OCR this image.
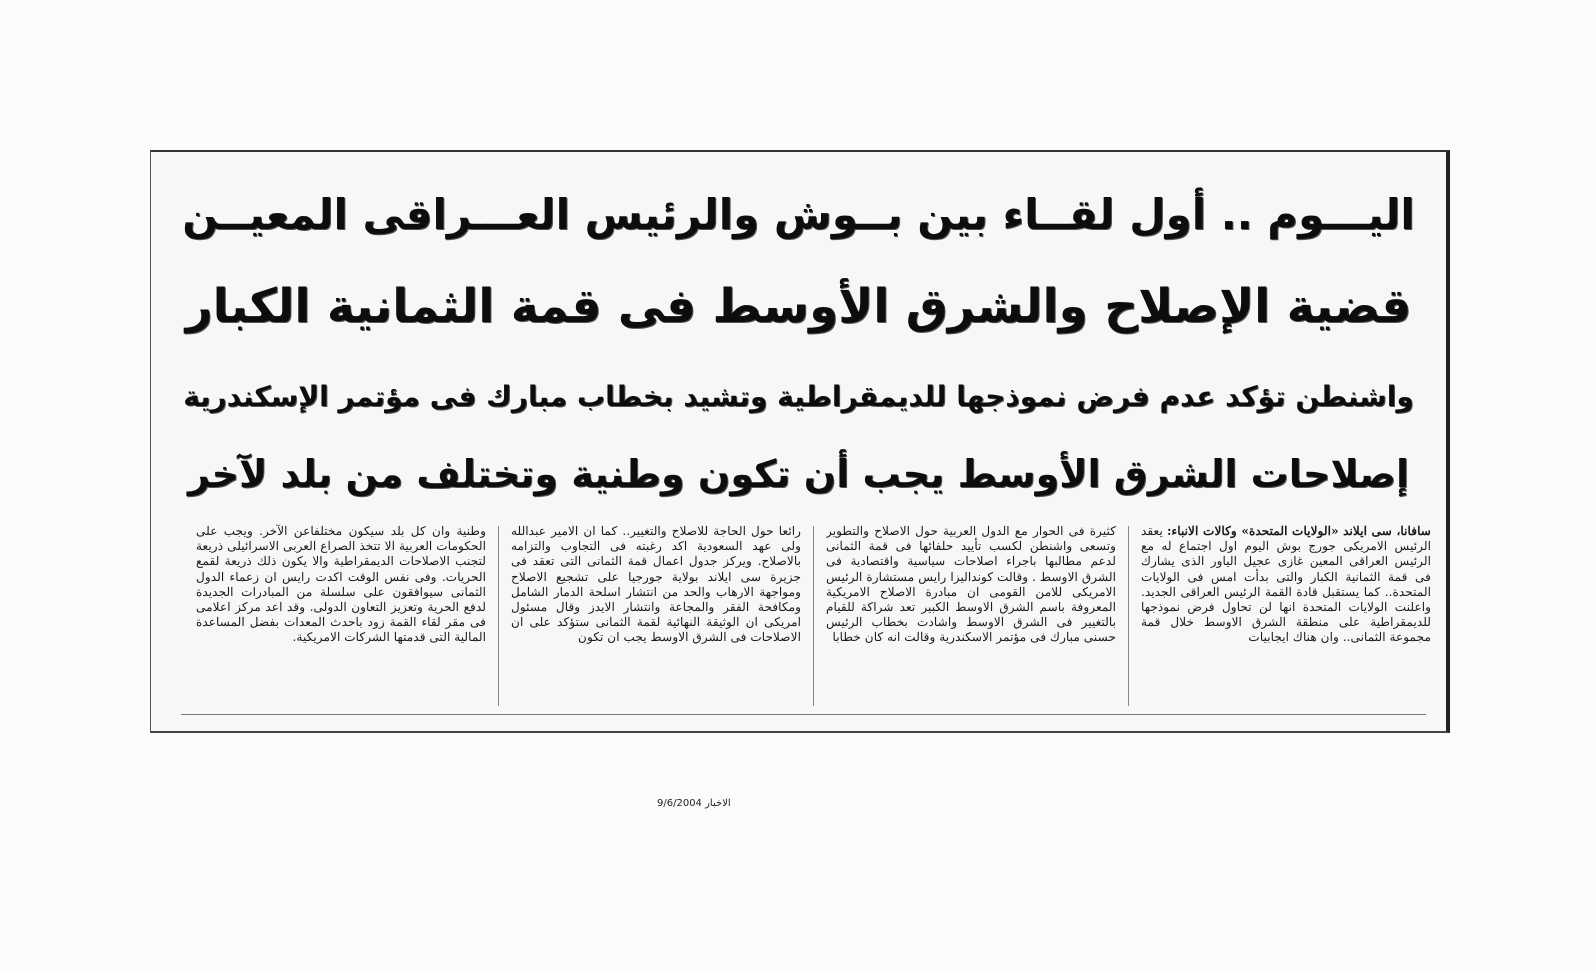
اليـــوم .. أول لقــاء بين بــوش والرئيس العـــراقى المعيــن
قضية الإصلاح والشرق الأوسط فى قمة الثمانية الكبار
واشنطن تؤكد عدم فرض نموذجها للديمقراطية وتشيد بخطاب مبارك فى مؤتمر الإسكندرية
إصلاحات الشرق الأوسط يجب أن تكون وطنية وتختلف من بلد لآخر
سافانا، سى ايلاند «الولايات المتحدة» وكالات الانباء: يعقد الرئيس الامريكى جورج بوش اليوم اول اجتماع له مع الرئيس العراقى المعين غازى عجيل الياور الذى يشارك فى قمة الثمانية الكبار والتى بدأت امس فى الولايات المتحدة.. كما يستقبل قادة القمة الرئيس العراقى الجديد. واعلنت الولايات المتحدة انها لن تحاول فرض نموذجها للديمقراطية على منطقة الشرق الاوسط خلال قمة مجموعة الثمانى.. وان هناك ايجابيات
كثيرة فى الحوار مع الدول العربية حول الاصلاح والتطوير وتسعى واشنطن لكسب تأييد حلفائها فى قمة الثمانى لدعم مطالبها باجراء اصلاحات سياسية واقتصادية فى الشرق الاوسط . وقالت كونداليزا رايس مستشارة الرئيس الامريكى للامن القومى ان مبادرة الاصلاح الامريكية المعروفة باسم الشرق الاوسط الكبير تعد شراكة للقيام بالتغيير فى الشرق الاوسط واشادت بخطاب الرئيس حسنى مبارك فى مؤتمر الاسكندرية وقالت انه كان خطابا
رائعا حول الحاجة للاصلاح والتغيير.. كما ان الامير عبدالله ولى عهد السعودية اكد رغبته فى التجاوب والتزامه بالاصلاح. ويركز جدول اعمال قمة الثمانى التى تعقد فى جزيرة سى ايلاند بولاية جورجيا على تشجيع الاصلاح ومواجهة الارهاب والحد من انتشار اسلحة الدمار الشامل ومكافحة الفقر والمجاعة وانتشار الايدز وقال مسئول امريكى ان الوثيقة النهائية لقمة الثمانى ستؤكد على ان الاصلاحات فى الشرق الاوسط يجب ان تكون
وطنية وان كل بلد سيكون مختلفاعن الآخر. ويجب على الحكومات العربية الا تتخذ الصراع العربى الاسرائيلى ذريعة لتجنب الاصلاحات الديمقراطية والا يكون ذلك ذريعة لقمع الحريات. وفى نفس الوقت اكدت رايس ان زعماء الدول الثمانى سيوافقون على سلسلة من المبادرات الجديدة لدفع الحرية وتعزيز التعاون الدولى. وقد اعد مركز اعلامى فى مقر لقاء القمة زود باحدث المعدات بفضل المساعدة المالية التى قدمتها الشركات الامريكية.
الاخبار 9/6/2004
